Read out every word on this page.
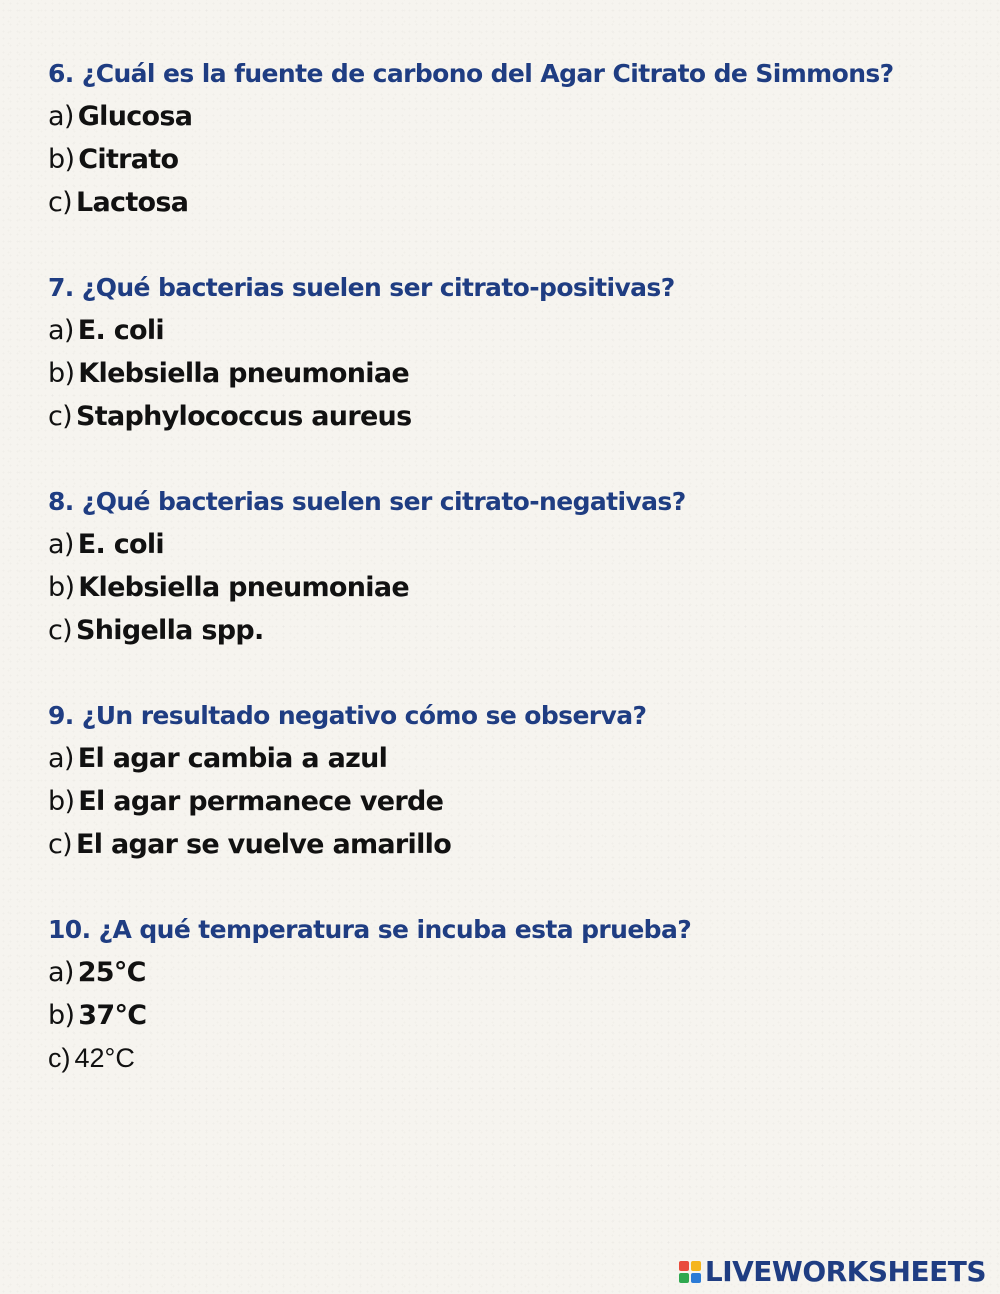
6. ¿Cuál es la fuente de carbono del Agar Citrato de Simmons?
a) Glucosa
b) Citrato
c) Lactosa
7. ¿Qué bacterias suelen ser citrato-positivas?
a) E. coli
b) Klebsiella pneumoniae
c) Staphylococcus aureus
8. ¿Qué bacterias suelen ser citrato-negativas?
a) E. coli
b) Klebsiella pneumoniae
c) Shigella spp.
9. ¿Un resultado negativo cómo se observa?
a) El agar cambia a azul
b) El agar permanece verde
c) El agar se vuelve amarillo
10. ¿A qué temperatura se incuba esta prueba?
a) 25°C
b) 37°C
c) 42°C
LIVEWORKSHEETS
